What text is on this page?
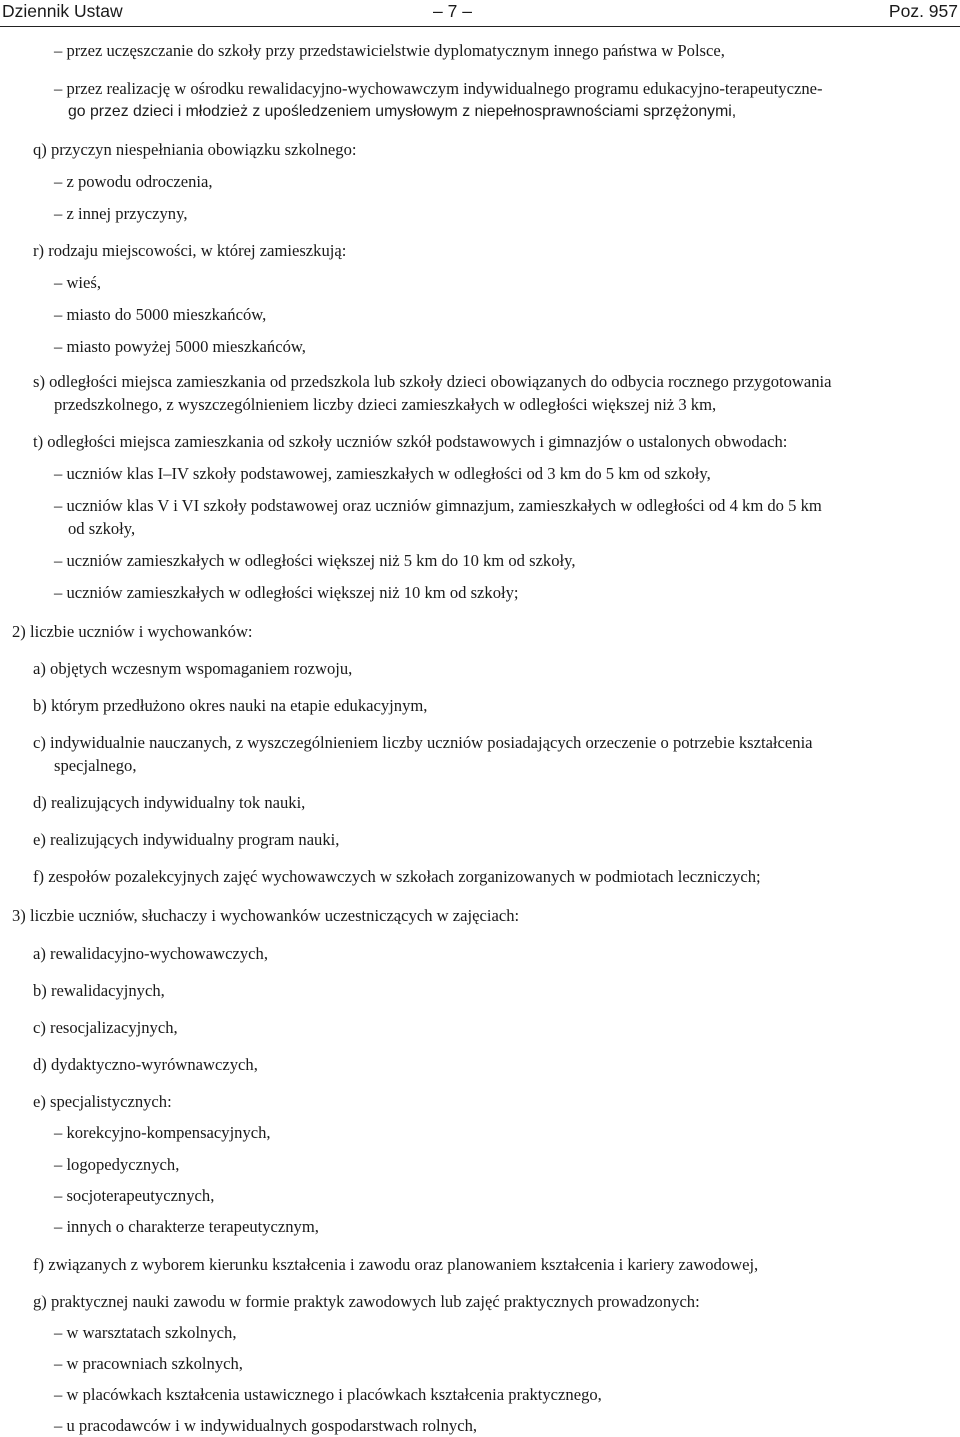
Dziennik Ustaw	– 7 –	Poz. 957
– przez uczęszczanie do szkoły przy przedstawicielstwie dyplomatycznym innego państwa w Polsce,
– przez realizację w ośrodku rewalidacyjno-wychowawczym indywidualnego programu edukacyjno-terapeutyczne-
go przez dzieci i młodzież z upośledzeniem umysłowym z niepełnosprawnościami sprzężonymi,
q) przyczyn niespełniania obowiązku szkolnego:
– z powodu odroczenia,
– z innej przyczyny,
r) rodzaju miejscowości, w której zamieszkują:
– wieś,
– miasto do 5000 mieszkańców,
– miasto powyżej 5000 mieszkańców,
s) odległości miejsca zamieszkania od przedszkola lub szkoły dzieci obowiązanych do odbycia rocznego przygotowania
przedszkolnego, z wyszczególnieniem liczby dzieci zamieszkałych w odległości większej niż 3 km,
t) odległości miejsca zamieszkania od szkoły uczniów szkół podstawowych i gimnazjów o ustalonych obwodach:
– uczniów klas I–IV szkoły podstawowej, zamieszkałych w odległości od 3 km do 5 km od szkoły,
– uczniów klas V i VI szkoły podstawowej oraz uczniów gimnazjum, zamieszkałych w odległości od 4 km do 5 km
od szkoły,
– uczniów zamieszkałych w odległości większej niż 5 km do 10 km od szkoły,
– uczniów zamieszkałych w odległości większej niż 10 km od szkoły;
2) liczbie uczniów i wychowanków:
a) objętych wczesnym wspomaganiem rozwoju,
b) którym przedłużono okres nauki na etapie edukacyjnym,
c) indywidualnie nauczanych, z wyszczególnieniem liczby uczniów posiadających orzeczenie o potrzebie kształcenia
specjalnego,
d) realizujących indywidualny tok nauki,
e) realizujących indywidualny program nauki,
f) zespołów pozalekcyjnych zajęć wychowawczych w szkołach zorganizowanych w podmiotach leczniczych;
3) liczbie uczniów, słuchaczy i wychowanków uczestniczących w zajęciach:
a) rewalidacyjno-wychowawczych,
b) rewalidacyjnych,
c) resocjalizacyjnych,
d) dydaktyczno-wyrównawczych,
e) specjalistycznych:
– korekcyjno-kompensacyjnych,
– logopedycznych,
– socjoterapeutycznych,
– innych o charakterze terapeutycznym,
f) związanych z wyborem kierunku kształcenia i zawodu oraz planowaniem kształcenia i kariery zawodowej,
g) praktycznej nauki zawodu w formie praktyk zawodowych lub zajęć praktycznych prowadzonych:
– w warsztatach szkolnych,
– w pracowniach szkolnych,
– w placówkach kształcenia ustawicznego i placówkach kształcenia praktycznego,
– u pracodawców i w indywidualnych gospodarstwach rolnych,
